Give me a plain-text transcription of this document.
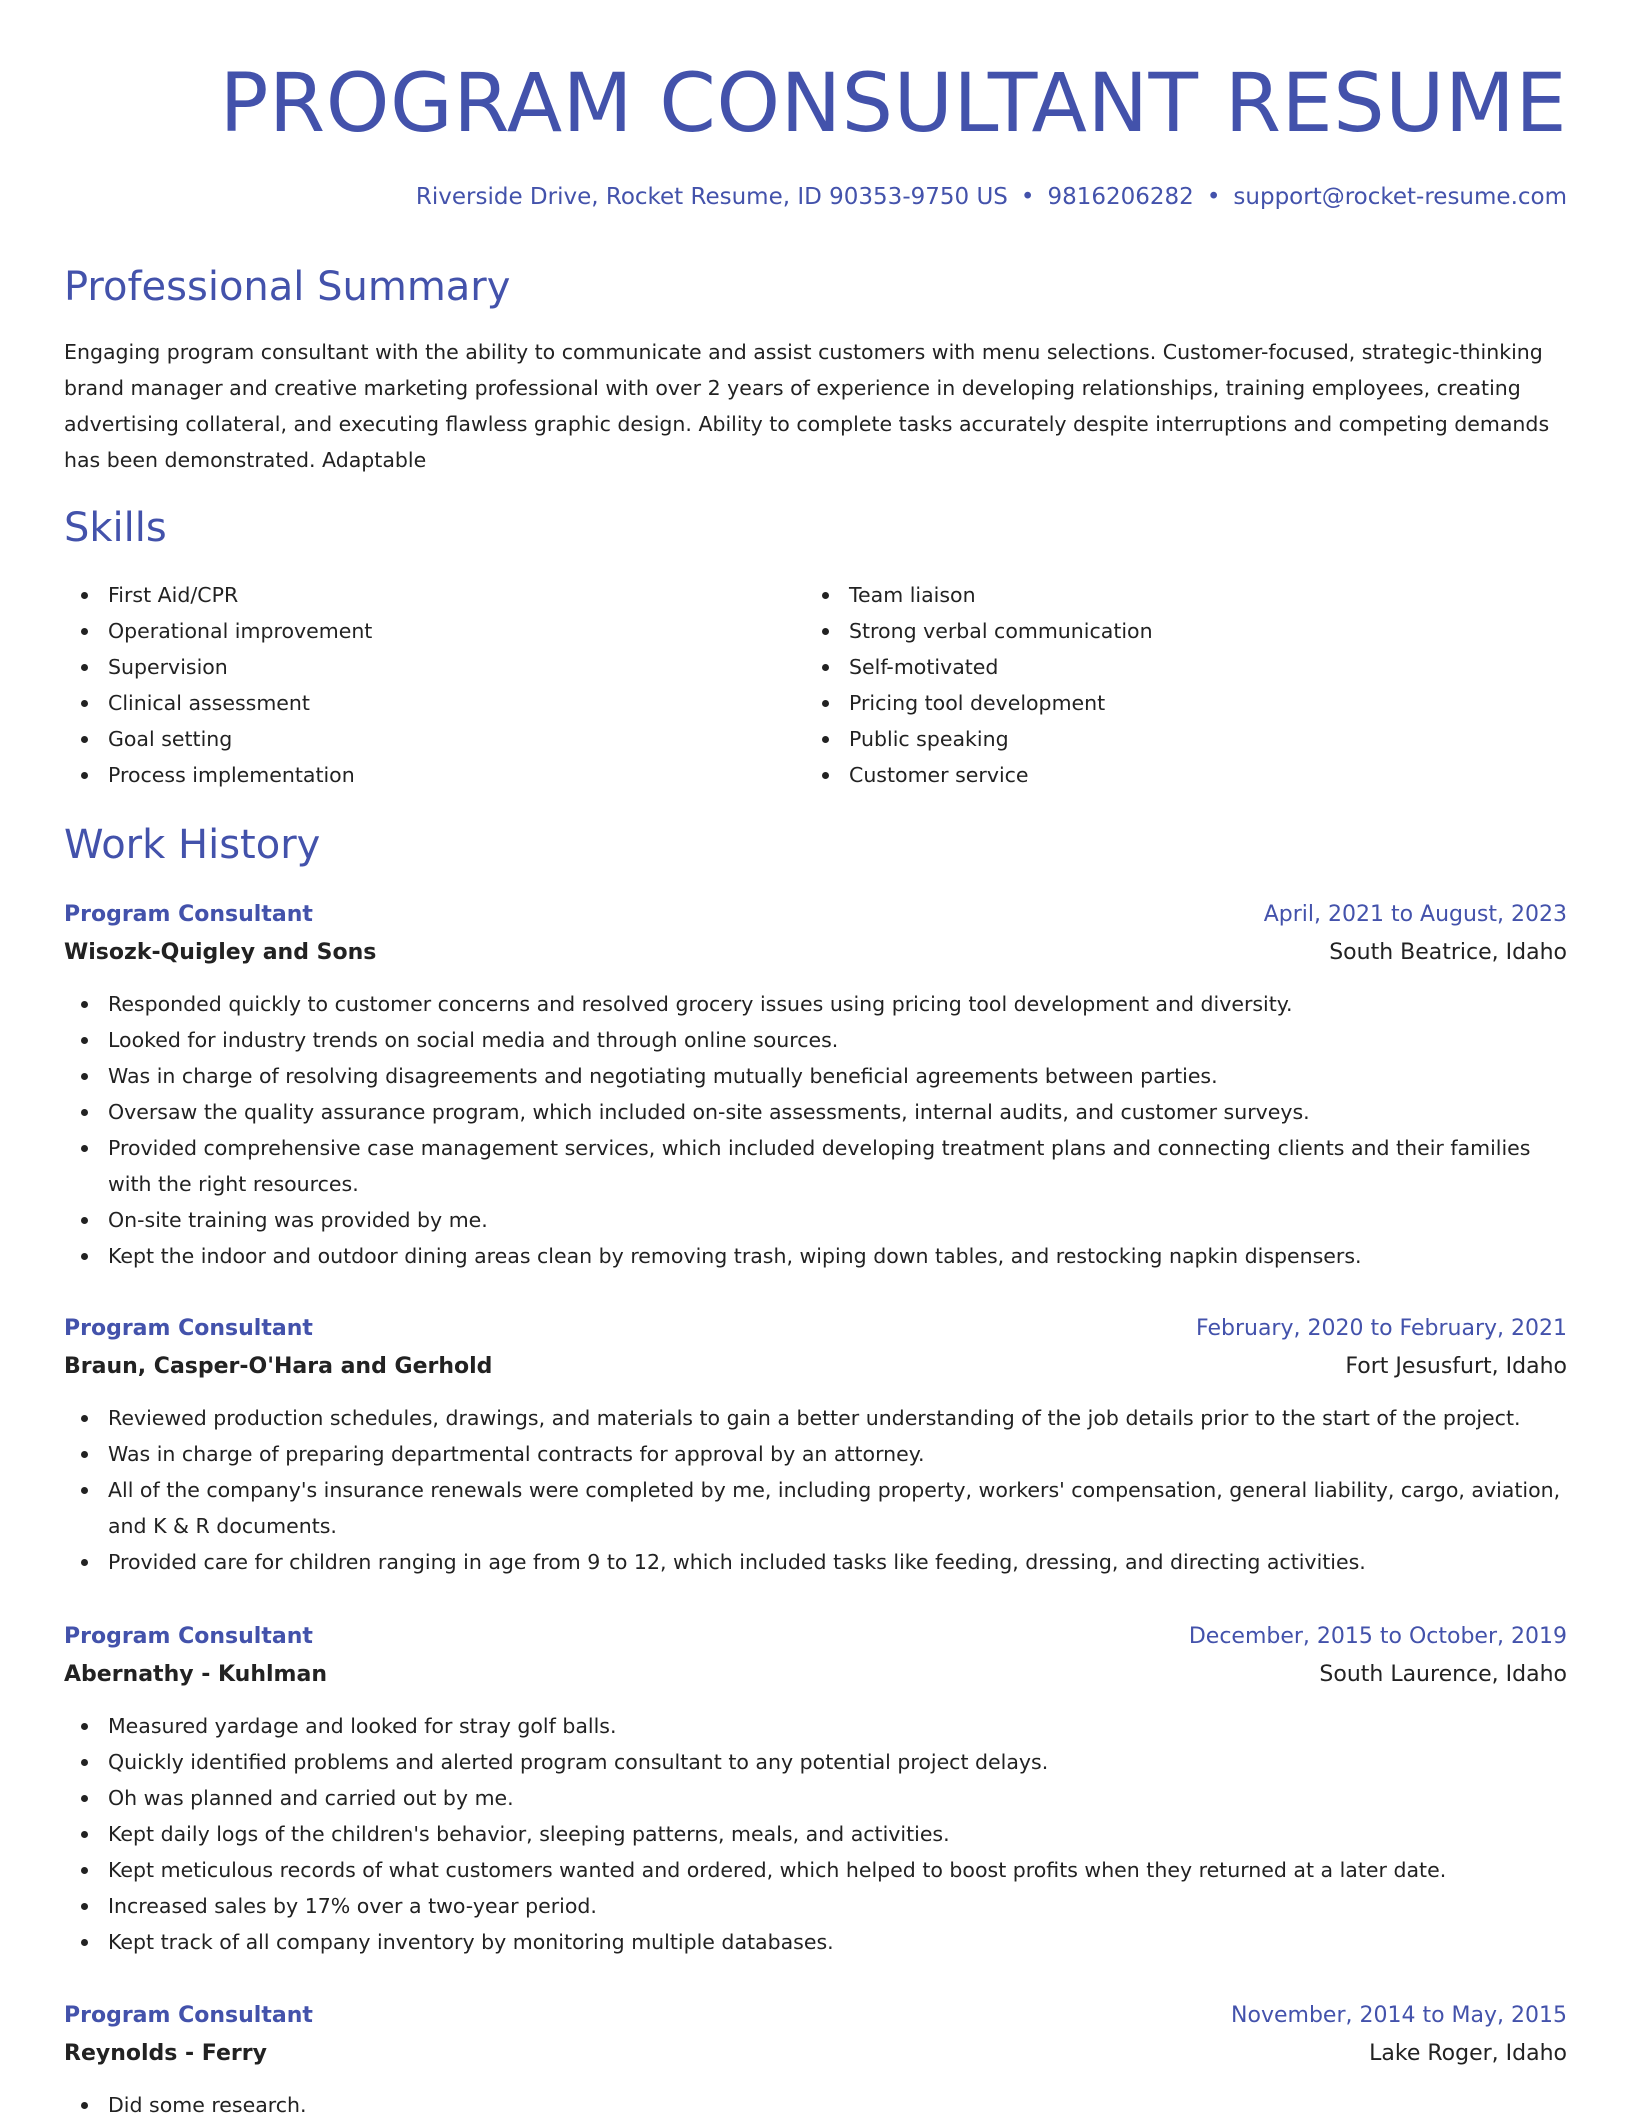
PROGRAM CONSULTANT RESUME
Riverside Drive, Rocket Resume, ID 90353-9750 US • 9816206282 • support@rocket-resume.com
Professional Summary

Engaging program consultant with the ability to communicate and assist customers with menu selections. Customer-focused, strategic-thinking brand manager and creative marketing professional with over 2 years of experience in developing relationships, training employees, creating advertising collateral, and executing flawless graphic design. Ability to complete tasks accurately despite interruptions and competing demands has been demonstrated. Adaptable

Skills
First Aid/CPR
Operational improvement
Supervision
Clinical assessment
Goal setting
Process implementation
Team liaison
Strong verbal communication
Self-motivated
Pricing tool development
Public speaking
Customer service
Work History
Program Consultant	April, 2021 to August, 2023
Wisozk-Quigley and Sons	South Beatrice, Idaho
Responded quickly to customer concerns and resolved grocery issues using pricing tool development and diversity.
Looked for industry trends on social media and through online sources.
Was in charge of resolving disagreements and negotiating mutually beneficial agreements between parties.
Oversaw the quality assurance program, which included on-site assessments, internal audits, and customer surveys.
Provided comprehensive case management services, which included developing treatment plans and connecting clients and their families with the right resources.
On-site training was provided by me.
Kept the indoor and outdoor dining areas clean by removing trash, wiping down tables, and restocking napkin dispensers.
Program Consultant	February, 2020 to February, 2021
Braun, Casper-O'Hara and Gerhold	Fort Jesusfurt, Idaho
Reviewed production schedules, drawings, and materials to gain a better understanding of the job details prior to the start of the project.
Was in charge of preparing departmental contracts for approval by an attorney.
All of the company's insurance renewals were completed by me, including property, workers' compensation, general liability, cargo, aviation, and K & R documents.
Provided care for children ranging in age from 9 to 12, which included tasks like feeding, dressing, and directing activities.
Program Consultant	December, 2015 to October, 2019
Abernathy - Kuhlman	South Laurence, Idaho
Measured yardage and looked for stray golf balls.
Quickly identified problems and alerted program consultant to any potential project delays.
Oh was planned and carried out by me.
Kept daily logs of the children's behavior, sleeping patterns, meals, and activities.
Kept meticulous records of what customers wanted and ordered, which helped to boost profits when they returned at a later date.
Increased sales by 17% over a two-year period.
Kept track of all company inventory by monitoring multiple databases.
Program Consultant	November, 2014 to May, 2015
Reynolds - Ferry	Lake Roger, Idaho
Did some research.
